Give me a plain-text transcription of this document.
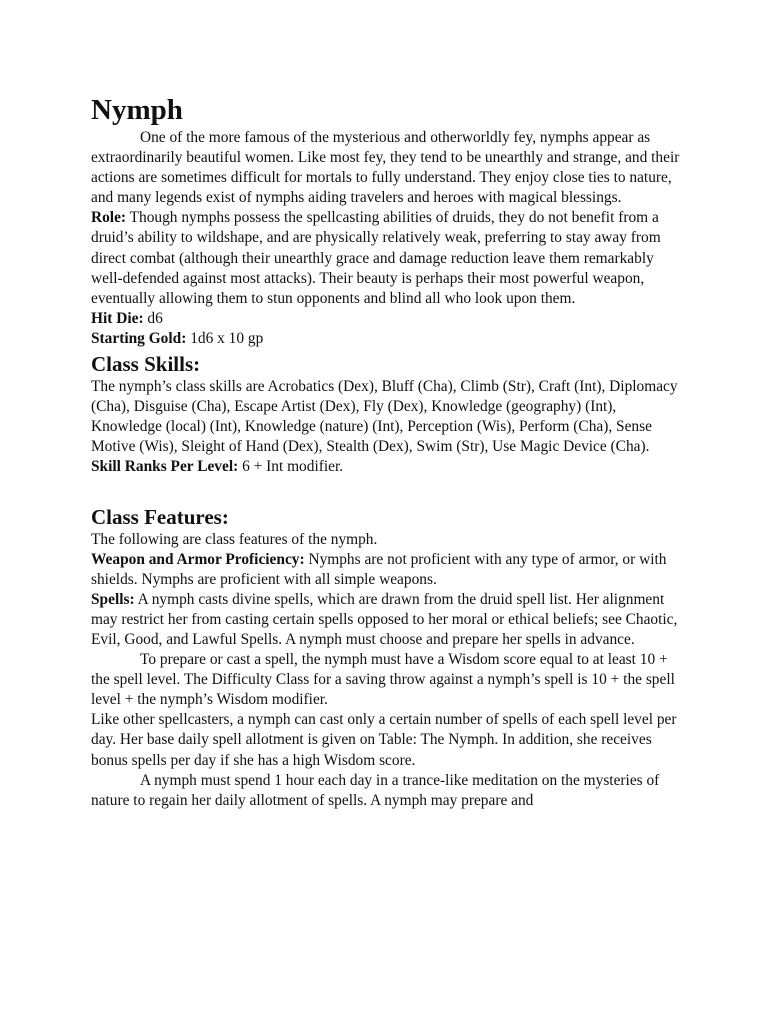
Nymph

One of the more famous of the mysterious and otherworldly fey, nymphs appear as extraordinarily beautiful women. Like most fey, they tend to be unearthly and strange, and their actions are sometimes difficult for mortals to fully understand. They enjoy close ties to nature, and many legends exist of nymphs aiding travelers and heroes with magical blessings.

Role: Though nymphs possess the spellcasting abilities of druids, they do not benefit from a druid’s ability to wildshape, and are physically relatively weak, preferring to stay away from direct combat (although their unearthly grace and damage reduction leave them remarkably well-defended against most attacks). Their beauty is perhaps their most powerful weapon, eventually allowing them to stun opponents and blind all who look upon them.

Hit Die: d6

Starting Gold: 1d6 x 10 gp

Class Skills:

The nymph’s class skills are Acrobatics (Dex), Bluff (Cha), Climb (Str), Craft (Int), Diplomacy (Cha), Disguise (Cha), Escape Artist (Dex), Fly (Dex), Knowledge (geography) (Int), Knowledge (local) (Int), Knowledge (nature) (Int), Perception (Wis), Perform (Cha), Sense Motive (Wis), Sleight of Hand (Dex), Stealth (Dex), Swim (Str), Use Magic Device (Cha).

Skill Ranks Per Level: 6 + Int modifier.

Class Features:

The following are class features of the nymph.

Weapon and Armor Proficiency: Nymphs are not proficient with any type of armor, or with shields. Nymphs are proficient with all simple weapons.

Spells: A nymph casts divine spells, which are drawn from the druid spell list. Her alignment may restrict her from casting certain spells opposed to her moral or ethical beliefs; see Chaotic, Evil, Good, and Lawful Spells. A nymph must choose and prepare her spells in advance.

To prepare or cast a spell, the nymph must have a Wisdom score equal to at least 10 + the spell level. The Difficulty Class for a saving throw against a nymph’s spell is 10 + the spell level + the nymph’s Wisdom modifier.

Like other spellcasters, a nymph can cast only a certain number of spells of each spell level per day. Her base daily spell allotment is given on Table: The Nymph. In addition, she receives bonus spells per day if she has a high Wisdom score.

A nymph must spend 1 hour each day in a trance-like meditation on the mysteries of nature to regain her daily allotment of spells. A nymph may prepare and
